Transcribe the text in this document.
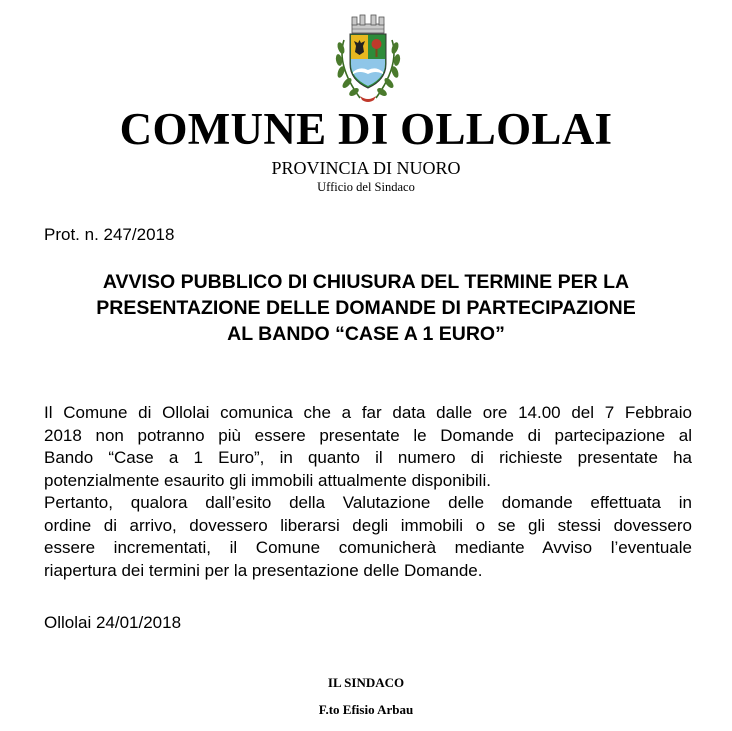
COMUNE DI OLLOLAI
PROVINCIA DI NUORO
Ufficio del Sindaco
Prot. n. 247/2018
AVVISO PUBBLICO DI CHIUSURA DEL TERMINE PER LA
PRESENTAZIONE DELLE DOMANDE DI PARTECIPAZIONE
AL BANDO “CASE A 1 EURO”
Il Comune di Ollolai comunica che a far data dalle ore 14.00 del 7 Febbraio
2018 non potranno più essere presentate le Domande di partecipazione al
Bando “Case a 1 Euro”, in quanto il numero di richieste presentate ha
potenzialmente esaurito gli immobili attualmente disponibili.
Pertanto, qualora dall’esito della Valutazione delle domande effettuata in
ordine di arrivo, dovessero liberarsi degli immobili o se gli stessi dovessero
essere incrementati, il Comune comunicherà mediante Avviso l’eventuale
riapertura dei termini per la presentazione delle Domande.
Ollolai 24/01/2018
IL SINDACO
F.to Efisio Arbau
